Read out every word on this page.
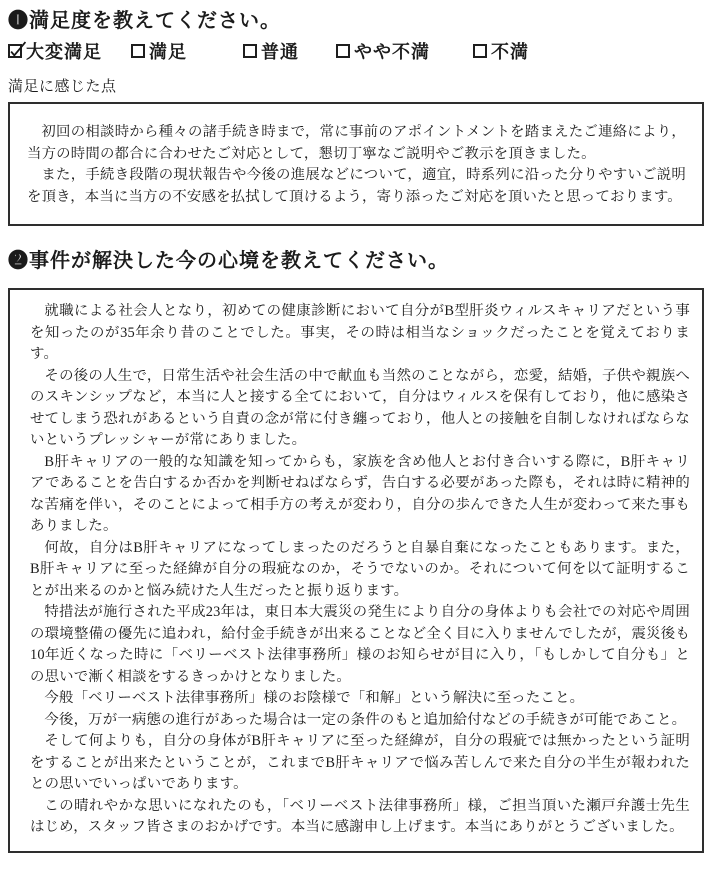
❶満足度を教えてください。
大変満足	満足	普通	やや不満	不満
満足に感じた点

初回の相談時から種々の諸手続き時まで，常に事前のアポイントメントを踏まえたご連絡により，当方の時間の都合に合わせたご対応として，懇切丁寧なご説明やご教示を頂きました。

また，手続き段階の現状報告や今後の進展などについて，適宜，時系列に沿った分りやすいご説明を頂き，本当に当方の不安感を払拭して頂けるよう，寄り添ったご対応を頂いたと思っております。

❷事件が解決した今の心境を教えてください。

就職による社会人となり，初めての健康診断において自分がB型肝炎ウィルスキャリアだという事を知ったのが35年余り昔のことでした。事実，その時は相当なショックだったことを覚えております。

その後の人生で，日常生活や社会生活の中で献血も当然のことながら，恋愛，結婚，子供や親族へのスキンシップなど，本当に人と接する全てにおいて，自分はウィルスを保有しており，他に感染させてしまう恐れがあるという自責の念が常に付き纏っており，他人との接触を自制しなければならないというプレッシャーが常にありました。

B肝キャリアの一般的な知識を知ってからも，家族を含め他人とお付き合いする際に，B肝キャリアであることを告白するか否かを判断せねばならず，告白する必要があった際も，それは時に精神的な苦痛を伴い，そのことによって相手方の考えが変わり，自分の歩んできた人生が変わって来た事もありました。

何故，自分はB肝キャリアになってしまったのだろうと自暴自棄になったこともあります。また，B肝キャリアに至った経緯が自分の瑕疵なのか，そうでないのか。それについて何を以て証明することが出来るのかと悩み続けた人生だったと振り返ります。

特措法が施行された平成23年は，東日本大震災の発生により自分の身体よりも会社での対応や周囲の環境整備の優先に追われ，給付金手続きが出来ることなど全く目に入りませんでしたが，震災後も10年近くなった時に「ベリーベスト法律事務所」様のお知らせが目に入り，「もしかして自分も」との思いで漸く相談をするきっかけとなりました。

今般「ベリーベスト法律事務所」様のお陰様で「和解」という解決に至ったこと。

今後，万が一病態の進行があった場合は一定の条件のもと追加給付などの手続きが可能であこと。

そして何よりも，自分の身体がB肝キャリアに至った経緯が，自分の瑕疵では無かったという証明をすることが出来たということが，これまでB肝キャリアで悩み苦しんで来た自分の半生が報われたとの思いでいっぱいであります。

この晴れやかな思いになれたのも，「ベリーベスト法律事務所」様，ご担当頂いた瀬戸弁護士先生はじめ，スタッフ皆さまのおかげです。本当に感謝申し上げます。本当にありがとうございました。
